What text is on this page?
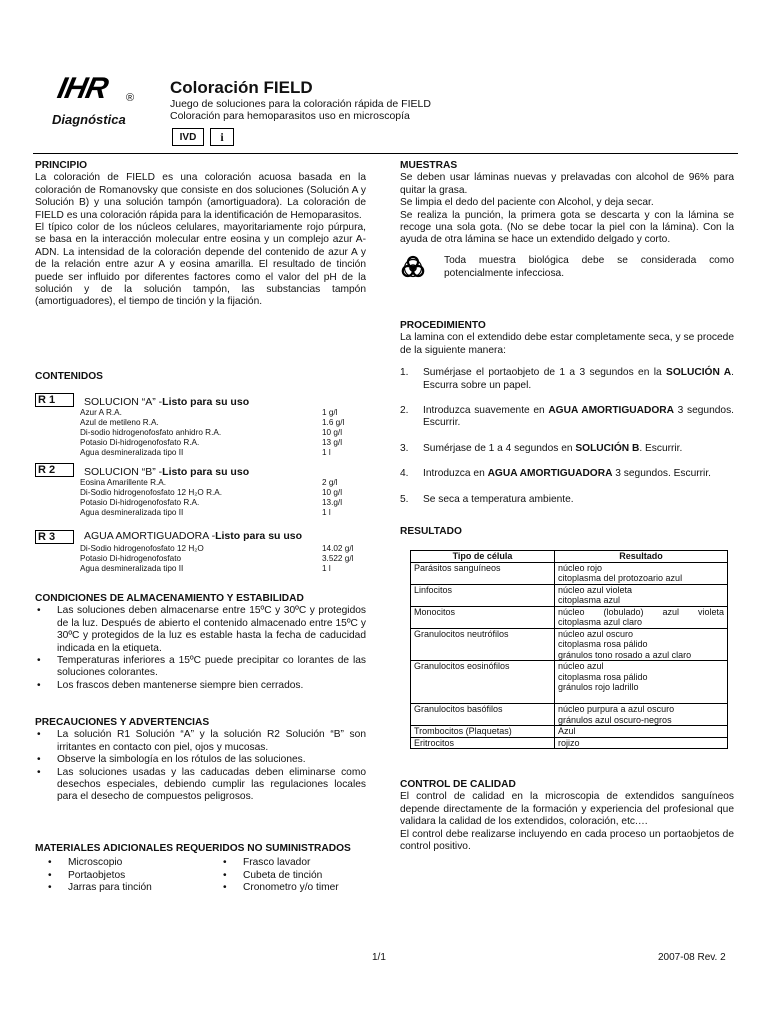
IHR ®
Diagnóstica
Coloración FIELD
Juego de soluciones para la coloración rápida de FIELD
Coloración para hemoparasitos uso en microscopía
IVD	i
PRINCIPIO

La coloración de FIELD es una coloración acuosa basada en la coloración de Romanovsky que consiste en dos soluciones (Solución A y Solución B) y una solución tampón (amortiguadora). La coloración de FIELD es una coloración rápida para la identificación de Hemoparasitos.

El típico color de los núcleos celulares, mayoritariamente rojo púrpura, se basa en la interacción molecular entre eosina y un complejo azur A- ADN. La intensidad de la coloración depende del contenido de azur A y de la relación entre azur A y eosina amarilla. El resultado de tinción puede ser influido por diferentes factores como el valor del pH de la solución y de la solución tampón, las substancias tampón (amortiguadores), el tiempo de tinción y la fijación.

CONTENIDOS
R 1	SOLUCION “A” -Listo para su uso
Azur A R.A.	1 g/l
Azul de metileno R.A.	1.6 g/l
Di-sodio hidrogenofosfato anhidro R.A.	10 g/l
Potasio Di-hidrogenofosfato R.A.	13 g/l
Agua desmineralizada tipo II	1 l
R 2	SOLUCION “B” -Listo para su uso
Eosina Amarillente R.A.	2 g/l
Di-Sodio hidrogenofosfato 12 H₂O R.A.	10 g/l
Potasio Di-hidrogenofosfato R.A.	13.g/l
Agua desmineralizada tipo II	1 l
R 3	AGUA AMORTIGUADORA -Listo para su uso
Di-Sodio hidrogenofosfato 12 H₂O	14.02 g/l
Potasio Di-hidrogenofosfato	3.522 g/l
Agua desmineralizada tipo II	1 l
CONDICIONES DE ALMACENAMIENTO Y ESTABILIDAD
• Las soluciones deben almacenarse entre 15ºC y 30ºC y protegidos de la luz. Después de abierto el contenido almacenado entre 15ºC y 30ºC y protegidos de la luz es estable hasta la fecha de caducidad indicada en la etiqueta.
• Temperaturas inferiores a 15ºC puede precipitar co lorantes de las soluciones colorantes.
• Los frascos deben mantenerse siempre bien cerrados.
PRECAUCIONES Y ADVERTENCIAS
• La solución R1 Solución “A” y la solución R2 Solución “B” son irritantes en contacto con piel, ojos y mucosas.
• Observe la simbología en los rótulos de las soluciones.
• Las soluciones usadas y las caducadas deben eliminarse como desechos especiales, debiendo cumplir las regulaciones locales para el desecho de compuestos peligrosos.
MATERIALES ADICIONALES REQUERIDOS NO SUMINISTRADOS
• Microscopio
• Portaobjetos
• Jarras para tinción
• Frasco lavador
• Cubeta de tinción
• Cronometro y/o timer
MUESTRAS

Se deben usar láminas nuevas y prelavadas con alcohol de 96% para quitar la grasa.

Se limpia el dedo del paciente con Alcohol, y deja secar.

Se realiza la punción, la primera gota se descarta y con la lámina se recoge una sola gota. (No se debe tocar la piel con la lámina). Con la ayuda de otra lámina se hace un extendido delgado y corto.

Toda muestra biológica debe se considerada como potencialmente infecciosa.

PROCEDIMIENTO

La lamina con el extendido debe estar completamente seca, y se procede de la siguiente manera:

1.	Sumérjase el portaobjeto de 1 a 3 segundos en la SOLUCIÓN A. Escurra sobre un papel.
2.	Introduzca suavemente en AGUA AMORTIGUADORA 3 segundos. Escurrir.
3.	Sumérjase de 1 a 4 segundos en SOLUCIÓN B. Escurrir.
4.	Introduzca en AGUA AMORTIGUADORA 3 segundos. Escurrir.
5.	Se seca a temperatura ambiente.
RESULTADO
Tipo de célula	Resultado
Parásitos sanguíneos	núcleo rojo
citoplasma del protozoario azul

Linfocitos	núcleo azul violeta
citoplasma azul

Monocitos	núcleo (lobulado) azul violeta
citoplasma azul claro

Granulocitos neutrófilos	núcleo azul oscuro
citoplasma rosa pálido
gránulos tono rosado a azul claro

Granulocitos eosinófilos	núcleo azul
citoplasma rosa pálido
gránulos rojo ladrillo

Granulocitos basófilos	núcleo purpura a azul oscuro
gránulos azul oscuro-negros

Trombocitos (Plaquetas)	Azul

Eritrocitos	rojizo
CONTROL DE CALIDAD

El control de calidad en la microscopia de extendidos sanguíneos depende directamente de la formación y experiencia del profesional que validara la calidad de los extendidos, coloración, etc.…

El control debe realizarse incluyendo en cada proceso un portaobjetos de control positivo.

1/1	2007-08 Rev. 2
